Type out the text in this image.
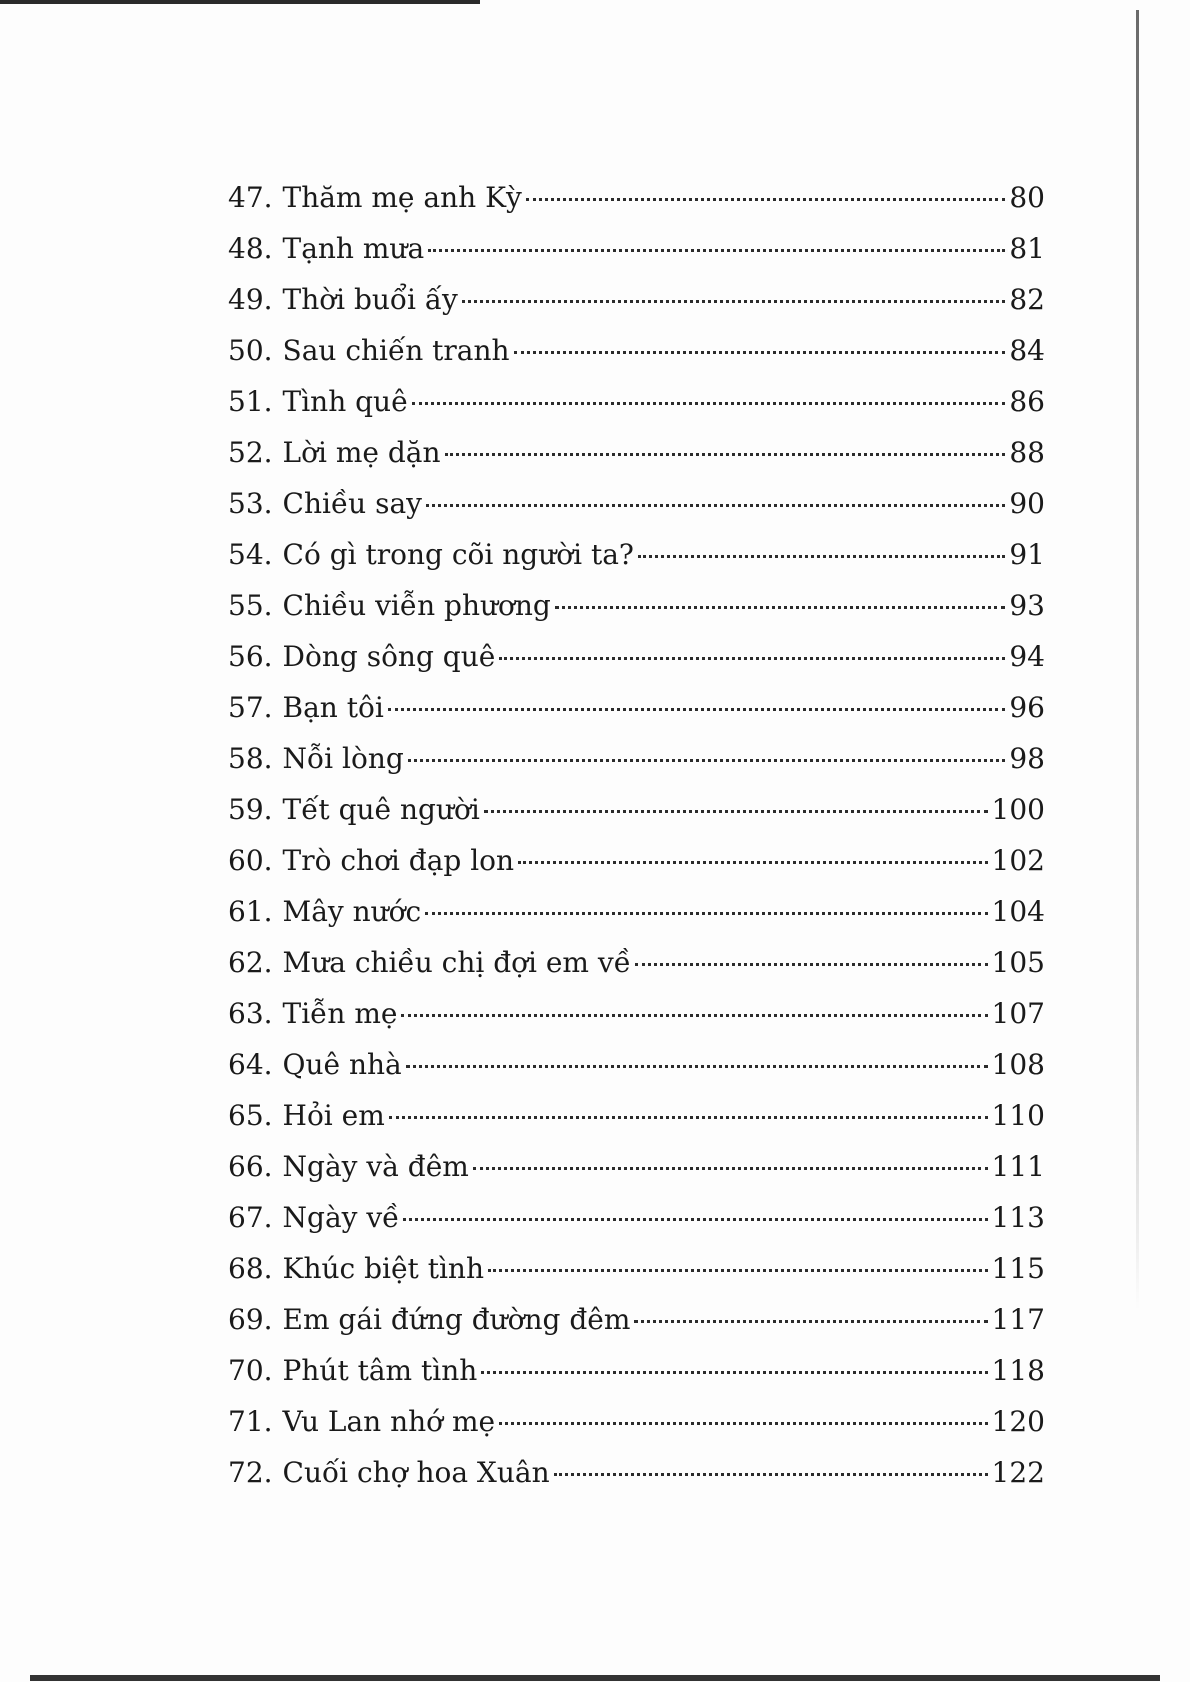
47. Thăm mẹ anh Kỳ	80
48. Tạnh mưa	81
49. Thời buổi ấy	82
50. Sau chiến tranh	84
51. Tình quê	86
52. Lời mẹ dặn	88
53. Chiều say	90
54. Có gì trong cõi người ta?	91
55. Chiều viễn phương	93
56. Dòng sông quê	94
57. Bạn tôi	96
58. Nỗi lòng	98
59. Tết quê người	100
60. Trò chơi đạp lon	102
61. Mây nước	104
62. Mưa chiều chị đợi em về	105
63. Tiễn mẹ	107
64. Quê nhà	108
65. Hỏi em	110
66. Ngày và đêm	111
67. Ngày về	113
68. Khúc biệt tình	115
69. Em gái đứng đường đêm	117
70. Phút tâm tình	118
71. Vu Lan nhớ mẹ	120
72. Cuối chợ hoa Xuân	122
